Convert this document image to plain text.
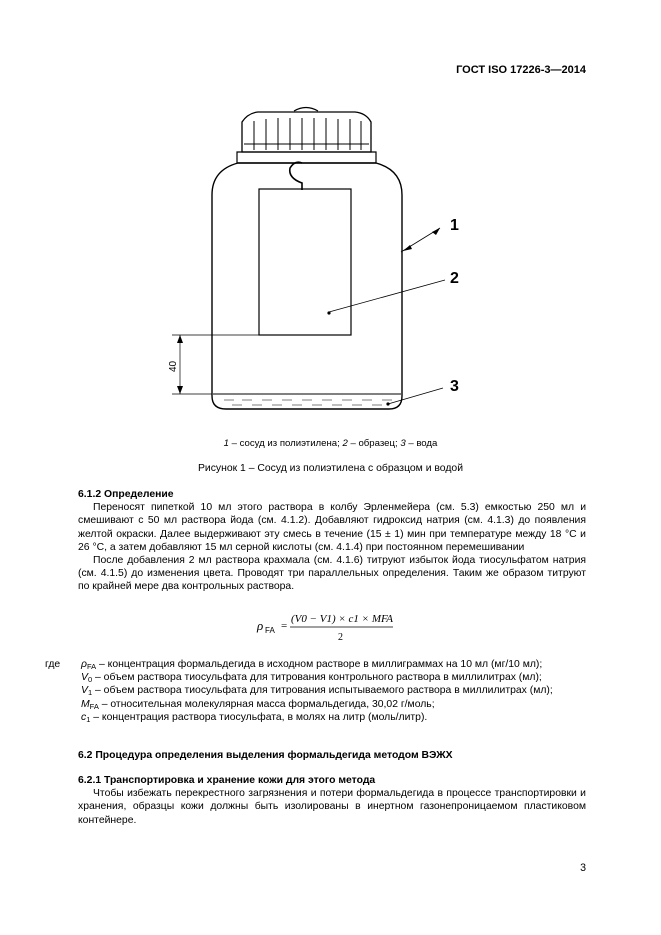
ГОСТ ISO 17226-3—2014
1
2
3
40
1 – сосуд из полиэтилена; 2 – образец; 3 – вода
Рисунок 1 – Сосуд из полиэтилена с образцом и водой

6.1.2 Определение

Переносят пипеткой 10 мл этого раствора в колбу Эрленмейера (см. 5.3) емкостью 250 мл и смешивают с 50 мл раствора йода (см. 4.1.2). Добавляют гидроксид натрия (см. 4.1.3) до появления желтой окраски. Далее выдерживают эту смесь в течение (15 ± 1) мин при температуре между 18 °С и 26 °С, а затем добавляют 15 мл серной кислоты (см. 4.1.4) при постоянном перемешивании

После добавления 2 мл раствора крахмала (см. 4.1.6) титруют избыток йода тиосульфатом натрия (см. 4.1.5) до изменения цвета. Проводят три параллельных определения. Таким же образом титруют по крайней мере два контрольных раствора.

ρ FA =
(V0 − V1) × c1 × MFA
2
где $\rho_{FA}$ – концентрация формальдегида в исходном растворе в миллиграммах на 10 мл (мг/10 мл);
$V_0$ – объем раствора тиосульфата для титрования контрольного раствора в миллилитрах (мл);
$V_1$ – объем раствора тиосульфата для титрования испытываемого раствора в миллилитрах (мл);
$M_{FA}$ – относительная молекулярная масса формальдегида, 30,02 г/моль;
$c_1$ – концентрация раствора тиосульфата, в молях на литр (моль/литр).
6.2 Процедура определения выделения формальдегида методом ВЭЖХ

6.2.1 Транспортировка и хранение кожи для этого метода

Чтобы избежать перекрестного загрязнения и потери формальдегида в процессе транспортировки и хранения, образцы кожи должны быть изолированы в инертном газонепроницаемом пластиковом контейнере.

3
